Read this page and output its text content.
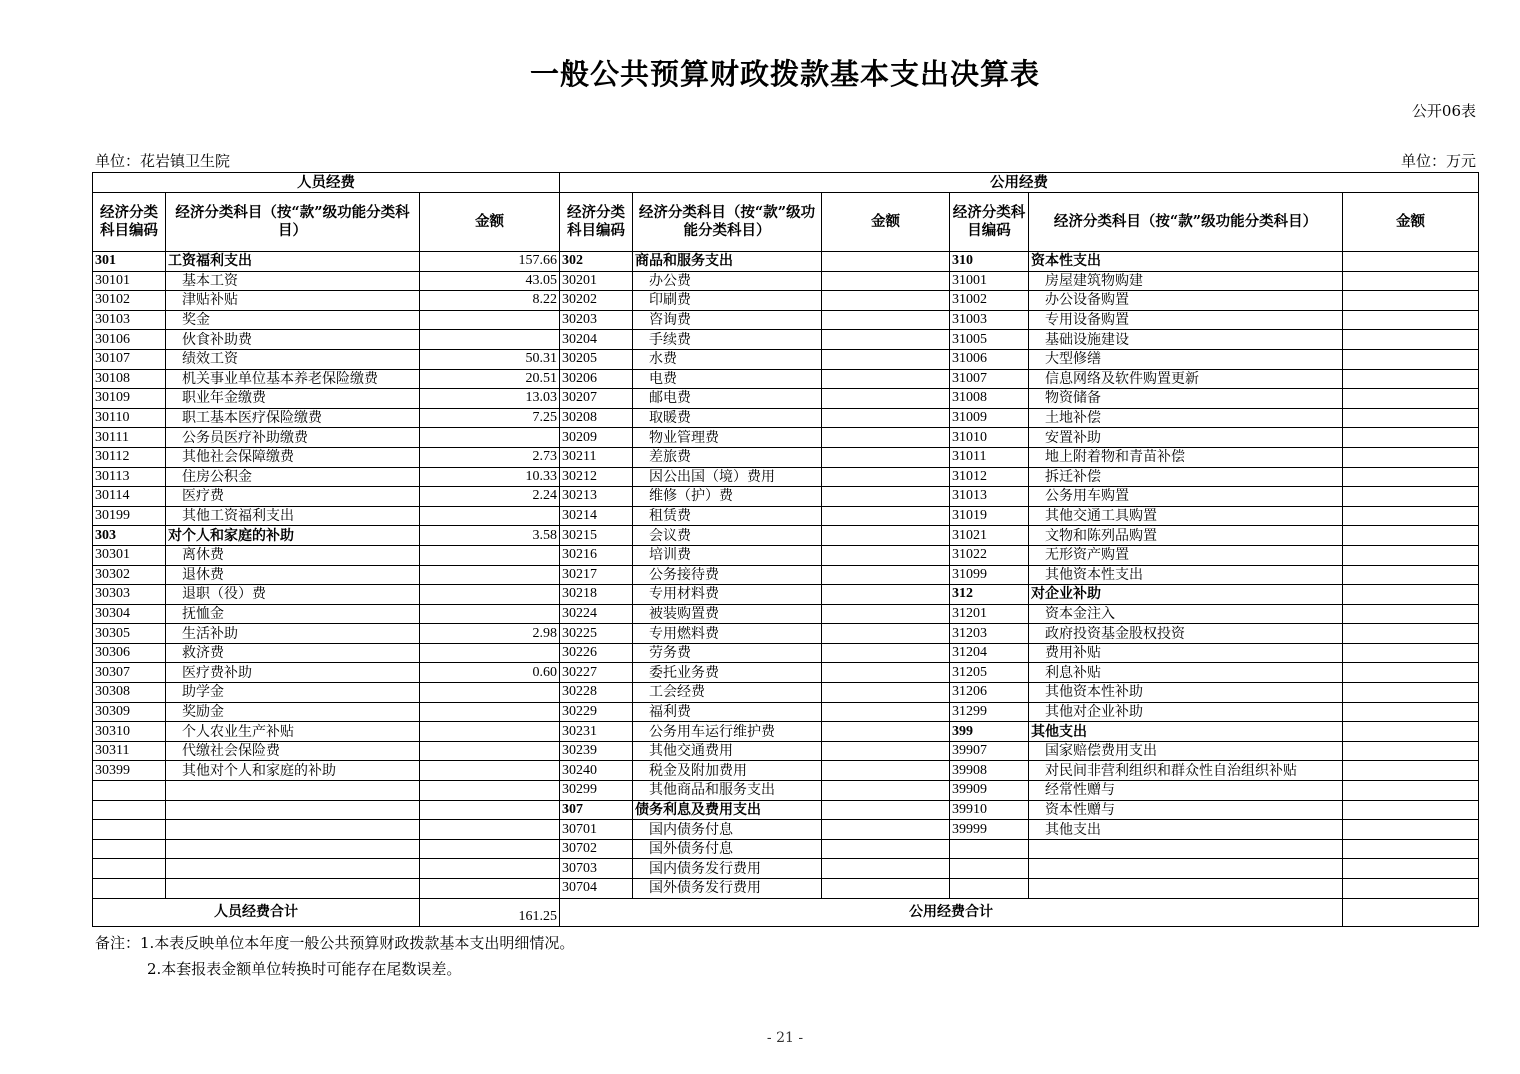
一般公共预算财政拨款基本支出决算表
公开06表
单位：花岩镇卫生院	单位：万元
人员经费			公用经费					
经济分类科目编码	经济分类科目（按“款”级功能分类科目）	金额	经济分类科目编码	经济分类科目（按“款”级功能分类科目）	金额	经济分类科目编码	经济分类科目（按“款”级功能分类科目）	金额
301	工资福利支出	157.66	302	商品和服务支出		310	资本性支出	
30101	基本工资	43.05	30201	办公费		31001	房屋建筑物购建	
30102	津贴补贴	8.22	30202	印刷费		31002	办公设备购置	
30103	奖金		30203	咨询费		31003	专用设备购置	
30106	伙食补助费		30204	手续费		31005	基础设施建设	
30107	绩效工资	50.31	30205	水费		31006	大型修缮	
30108	机关事业单位基本养老保险缴费	20.51	30206	电费		31007	信息网络及软件购置更新	
30109	职业年金缴费	13.03	30207	邮电费		31008	物资储备	
30110	职工基本医疗保险缴费	7.25	30208	取暖费		31009	土地补偿	
30111	公务员医疗补助缴费		30209	物业管理费		31010	安置补助	
30112	其他社会保障缴费	2.73	30211	差旅费		31011	地上附着物和青苗补偿	
30113	住房公积金	10.33	30212	因公出国（境）费用		31012	拆迁补偿	
30114	医疗费	2.24	30213	维修（护）费		31013	公务用车购置	
30199	其他工资福利支出		30214	租赁费		31019	其他交通工具购置	
303	对个人和家庭的补助	3.58	30215	会议费		31021	文物和陈列品购置	
30301	离休费		30216	培训费		31022	无形资产购置	
30302	退休费		30217	公务接待费		31099	其他资本性支出	
30303	退职（役）费		30218	专用材料费		312	对企业补助	
30304	抚恤金		30224	被装购置费		31201	资本金注入	
30305	生活补助	2.98	30225	专用燃料费		31203	政府投资基金股权投资	
30306	救济费		30226	劳务费		31204	费用补贴	
30307	医疗费补助	0.60	30227	委托业务费		31205	利息补贴	
30308	助学金		30228	工会经费		31206	其他资本性补助	
30309	奖励金		30229	福利费		31299	其他对企业补助	
30310	个人农业生产补贴		30231	公务用车运行维护费		399	其他支出	
30311	代缴社会保险费		30239	其他交通费用		39907	国家赔偿费用支出	
30399	其他对个人和家庭的补助		30240	税金及附加费用		39908	对民间非营利组织和群众性自治组织补贴	
			30299	其他商品和服务支出		39909	经常性赠与	
			307	债务利息及费用支出		39910	资本性赠与	
			30701	国内债务付息		39999	其他支出	
			30702	国外债务付息				
			30703	国内债务发行费用				
			30704	国外债务发行费用				
人员经费合计		161.25	公用经费合计					
备注：1.本表反映单位本年度一般公共预算财政拨款基本支出明细情况。
2.本套报表金额单位转换时可能存在尾数误差。
- 21 -
